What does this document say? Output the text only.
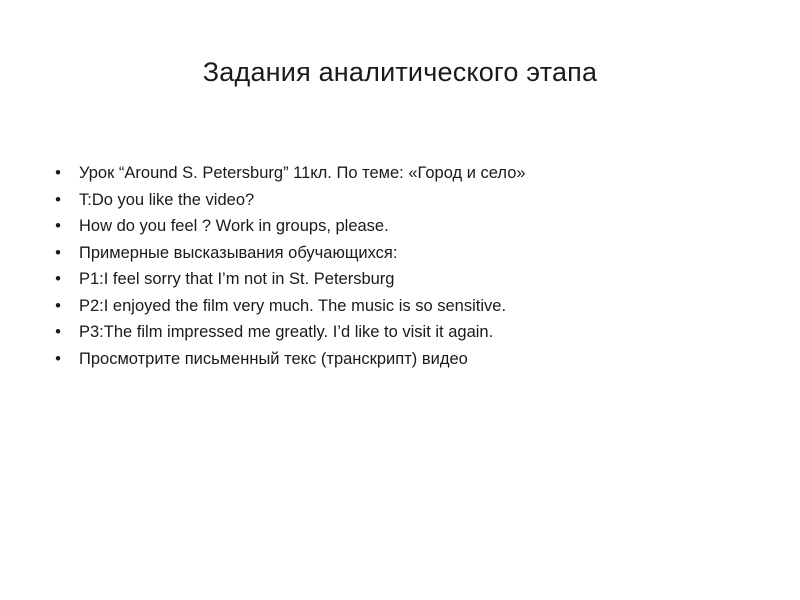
Задания аналитического этапа
• Урок “Around S. Petersburg” 11кл. По теме: «Город и село»
• T:Do you like the video?
• How do you feel ? Work in groups, please.
• Примерные высказывания обучающихся:
• P1:I feel sorry that I’m not in St. Petersburg
• P2:I enjoyed the film very much. The music is so sensitive.
• P3:The film impressed me greatly. I’d like to visit it again.
• Просмотрите письменный текс (транскрипт) видео
